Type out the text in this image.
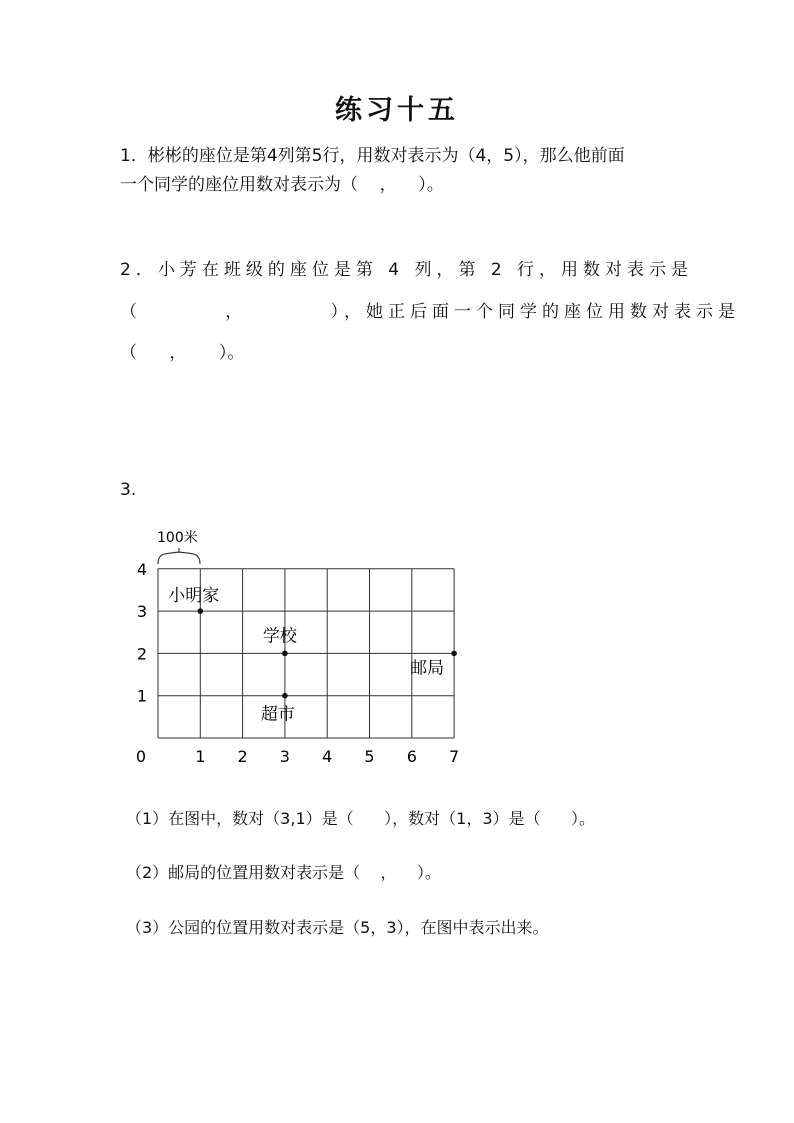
练习十五
1．彬彬的座位是第4列第5行，用数对表示为（4，5），那么他前面
一个同学的座位用数对表示为（    ，    ）。
2．小芳在班级的座位是第 4 列，第 2 行，用数对表示是
（        ，        ），她正后面一个同学的座位用数对表示是
（      ，      ）。
3.
100米
0	1 2 3 4 5 6 7
1
2
3
4
小明家
学校
超市
邮局
（1）在图中，数对（3,1）是（      ），数对（1，3）是（      ）。
（2）邮局的位置用数对表示是（    ，    ）。
（3）公园的位置用数对表示是（5，3），在图中表示出来。
